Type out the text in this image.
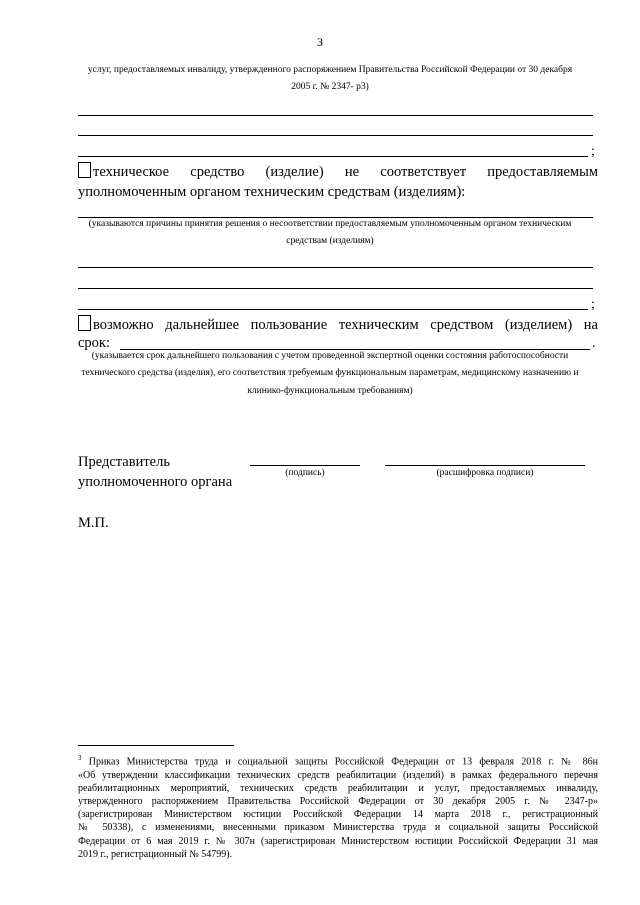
3
услуг, предоставляемых инвалиду, утвержденного распоряжением Правительства Российской Федерации от 30 декабря
2005 г. № 2347- р3)
;
техническое средство (изделие) не соответствует предоставляемым
уполномоченным органом техническим средствам (изделиям):
(указываются причины принятия решения о несоответствии предоставляемым уполномоченным органом техническим
средствам (изделиям)
;
возможно дальнейшее пользование техническим средством (изделием) на
срок:	.
(указывается срок дальнейшего пользования с учетом проведенной экспертной оценки состояния работоспособности
технического средства (изделия), его соответствия требуемым функциональным параметрам, медицинскому назначению и
клинико-функциональным требованиям)
Представитель
уполномоченного органа
(подпись)	(расшифровка подписи)
М.П.
$^3$ Приказ Министерства труда и социальной защиты Российской Федерации от 13 февраля 2018 г. № 86н
«Об утверждении классификации технических средств реабилитации (изделий) в рамках федерального перечня
реабилитационных мероприятий, технических средств реабилитации и услуг, предоставляемых инвалиду,
утвержденного распоряжением Правительства Российской Федерации от 30 декабря 2005 г. № 2347-р»
(зарегистрирован Министерством юстиции Российской Федерации 14 марта 2018 г., регистрационный
№ 50338), с изменениями, внесенными приказом Министерства труда и социальной защиты Российской
Федерации от 6 мая 2019 г. № 307н (зарегистрирован Министерством юстиции Российской Федерации 31 мая
2019 г., регистрационный № 54799).
